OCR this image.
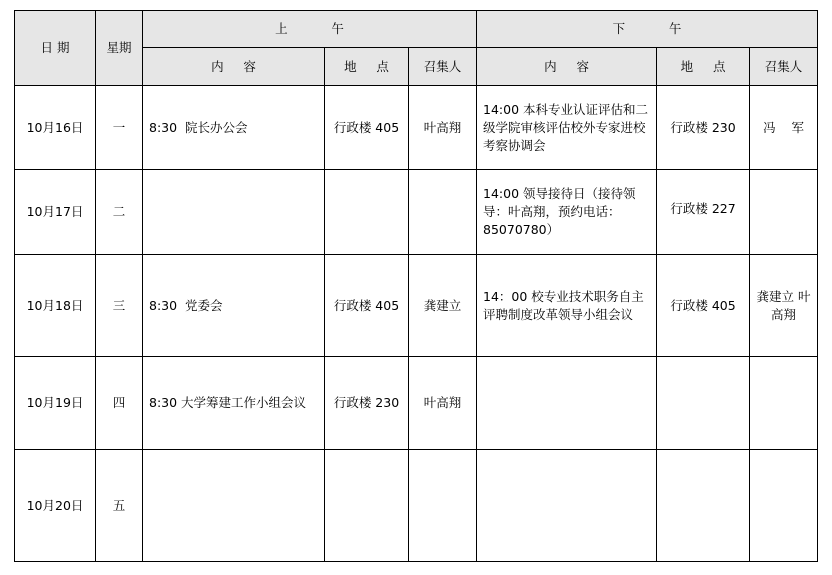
日 期	星期	上           午			下           午		
		内     容	地     点	召集人	内     容	地     点	召集人
10月16日	一	8:30  院长办公会	行政楼 405	叶高翔	14:00 本科专业认证评估和二级学院审核评估校外专家进校考察协调会	行政楼 230	冯    军
10月17日	二				14:00 领导接待日（接待领导：叶高翔，预约电话：85070780）	行政楼 227	
10月18日	三	8:30  党委会	行政楼 405	龚建立	14：00 校专业技术职务自主评聘制度改革领导小组会议	行政楼 405	龚建立 叶高翔
10月19日	四	8:30 大学筹建工作小组会议	行政楼 230	叶高翔			
10月20日	五						
